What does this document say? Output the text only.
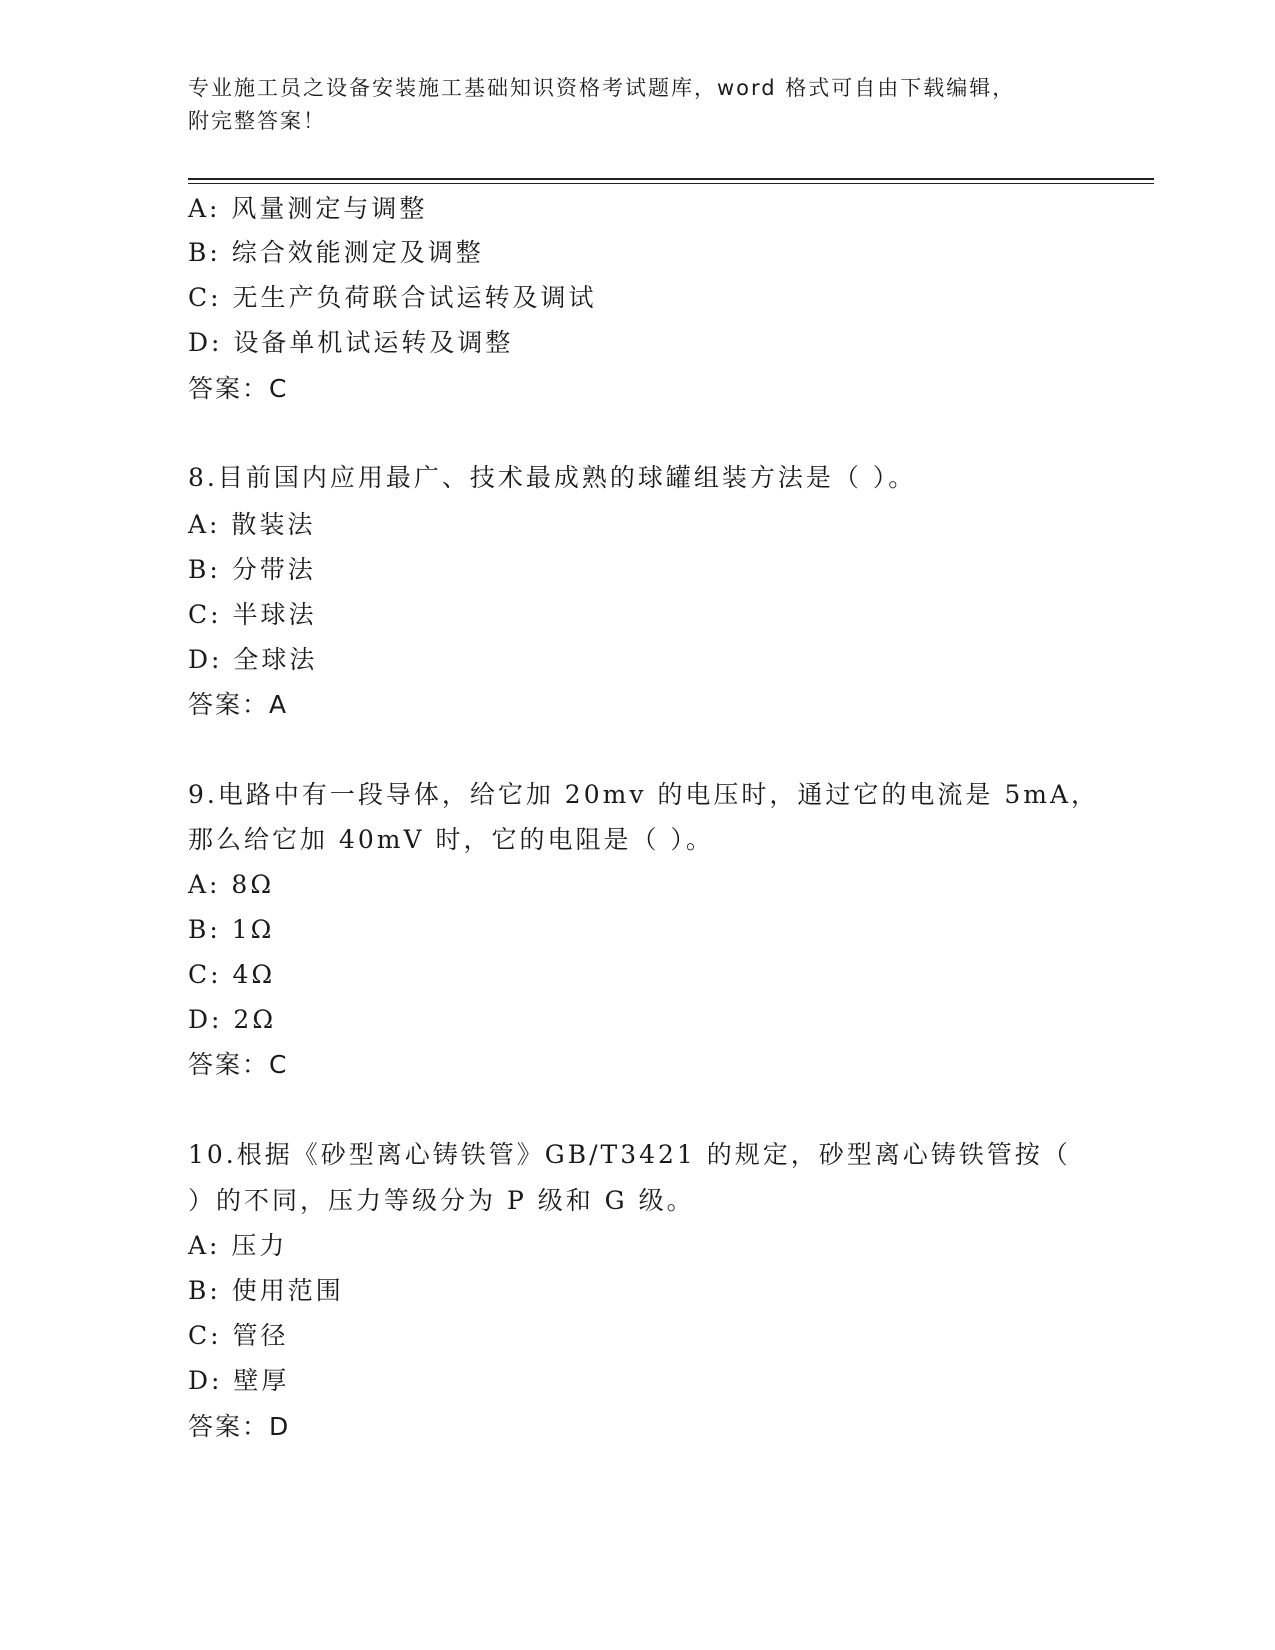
专业施工员之设备安装施工基础知识资格考试题库，word 格式可自由下载编辑，
附完整答案！
A: 风量测定与调整
B: 综合效能测定及调整
C: 无生产负荷联合试运转及调试
D: 设备单机试运转及调整
答案：C
8.目前国内应用最广、技术最成熟的球罐组装方法是（ ）。
A: 散装法
B: 分带法
C: 半球法
D: 全球法
答案：A
9.电路中有一段导体，给它加 20mv 的电压时，通过它的电流是 5mA，
那么给它加 40mV 时，它的电阻是（ ）。
A: 8Ω
B: 1Ω
C: 4Ω
D: 2Ω
答案：C
10.根据《砂型离心铸铁管》GB/T3421 的规定，砂型离心铸铁管按（
）的不同，压力等级分为 P 级和 G 级。
A: 压力
B: 使用范围
C: 管径
D: 壁厚
答案：D
